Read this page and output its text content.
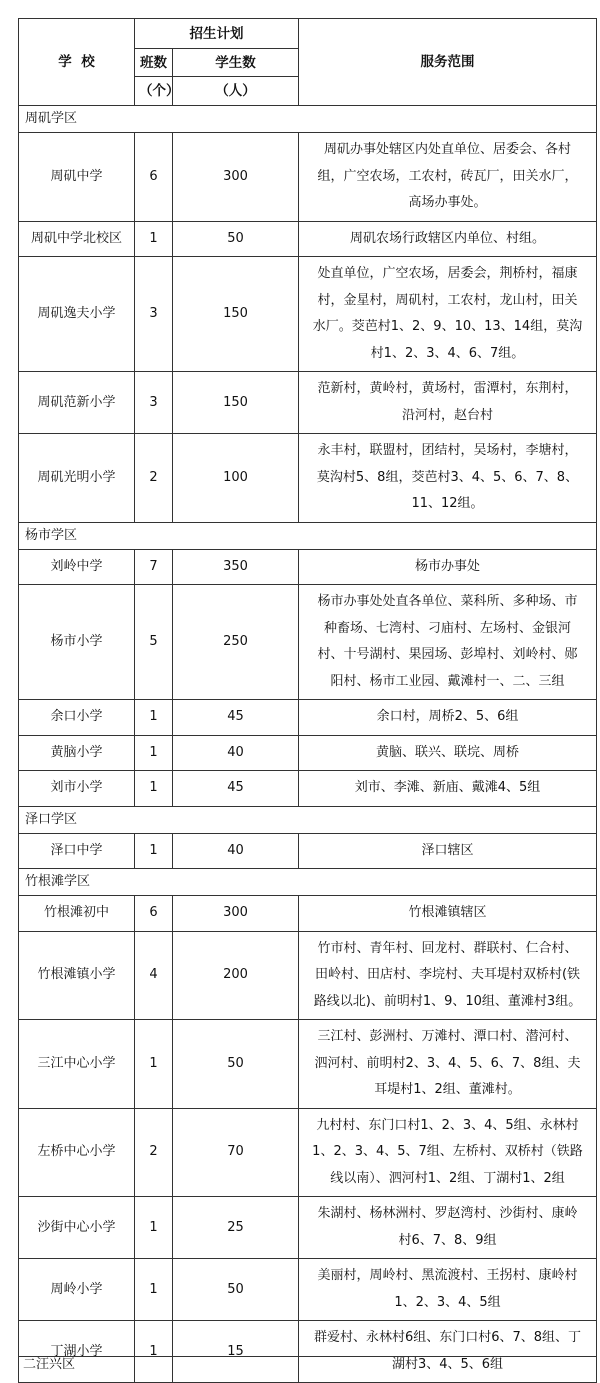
学  校	招生计划		服务范围
	班数	学生数	
	（个）	（人）	
周矶学区			
周矶中学	6	300	周矶办事处辖区内处直单位、居委会、各村
组，广空农场，工农村，砖瓦厂，田关水厂，
高场办事处。

周矶中学北校区	1	50	周矶农场行政辖区内单位、村组。

周矶逸夫小学	3	150	处直单位，广空农场，居委会，荆桥村，福康
村，金星村，周矶村，工农村，龙山村，田关
水厂。茭芭村1、2、9、10、13、14组，莫沟
村1、2、3、4、6、7组。

周矶范新小学	3	150	范新村，黄岭村，黄场村，雷潭村，东荆村，
沿河村，赵台村

周矶光明小学	2	100	永丰村，联盟村，团结村，吴场村，李塘村，
莫沟村5、8组，茭芭村3、4、5、6、7、8、
11、12组。

杨市学区			
刘岭中学	7	350	杨市办事处

杨市小学	5	250	杨市办事处处直各单位、菜科所、多种场、市
种畜场、七湾村、刁庙村、左场村、金银河
村、十号湖村、果园场、彭埠村、刘岭村、郧
阳村、杨市工业园、戴滩村一、二、三组

余口小学	1	45	余口村，周桥2、5、6组

黄脑小学	1	40	黄脑、联兴、联垸、周桥

刘市小学	1	45	刘市、李滩、新庙、戴滩4、5组

泽口学区			
泽口中学	1	40	泽口辖区

竹根滩学区			
竹根滩初中	6	300	竹根滩镇辖区

竹根滩镇小学	4	200	竹市村、青年村、回龙村、群联村、仁合村、
田岭村、田店村、李垸村、夫耳堤村双桥村(铁
路线以北)、前明村1、9、10组、董滩村3组。

三江中心小学	1	50	三江村、彭洲村、万滩村、潭口村、潜河村、
泗河村、前明村2、3、4、5、6、7、8组、夫
耳堤村1、2组、董滩村。

左桥中心小学	2	70	九村村、东门口村1、2、3、4、5组、永林村
1、2、3、4、5、7组、左桥村、双桥村（铁路
线以南）、泗河村1、2组、丁湖村1、2组

沙街中心小学	1	25	朱湖村、杨林洲村、罗赵湾村、沙街村、康岭
村6、7、8、9组

周岭小学	1	50	美丽村，周岭村、黑流渡村、王拐村、康岭村
1、2、3、4、5组

丁湖小学	1	15	群爱村、永林村6组、东门口村6、7、8组、丁
湖村3、4、5、6组
二汪兴区
